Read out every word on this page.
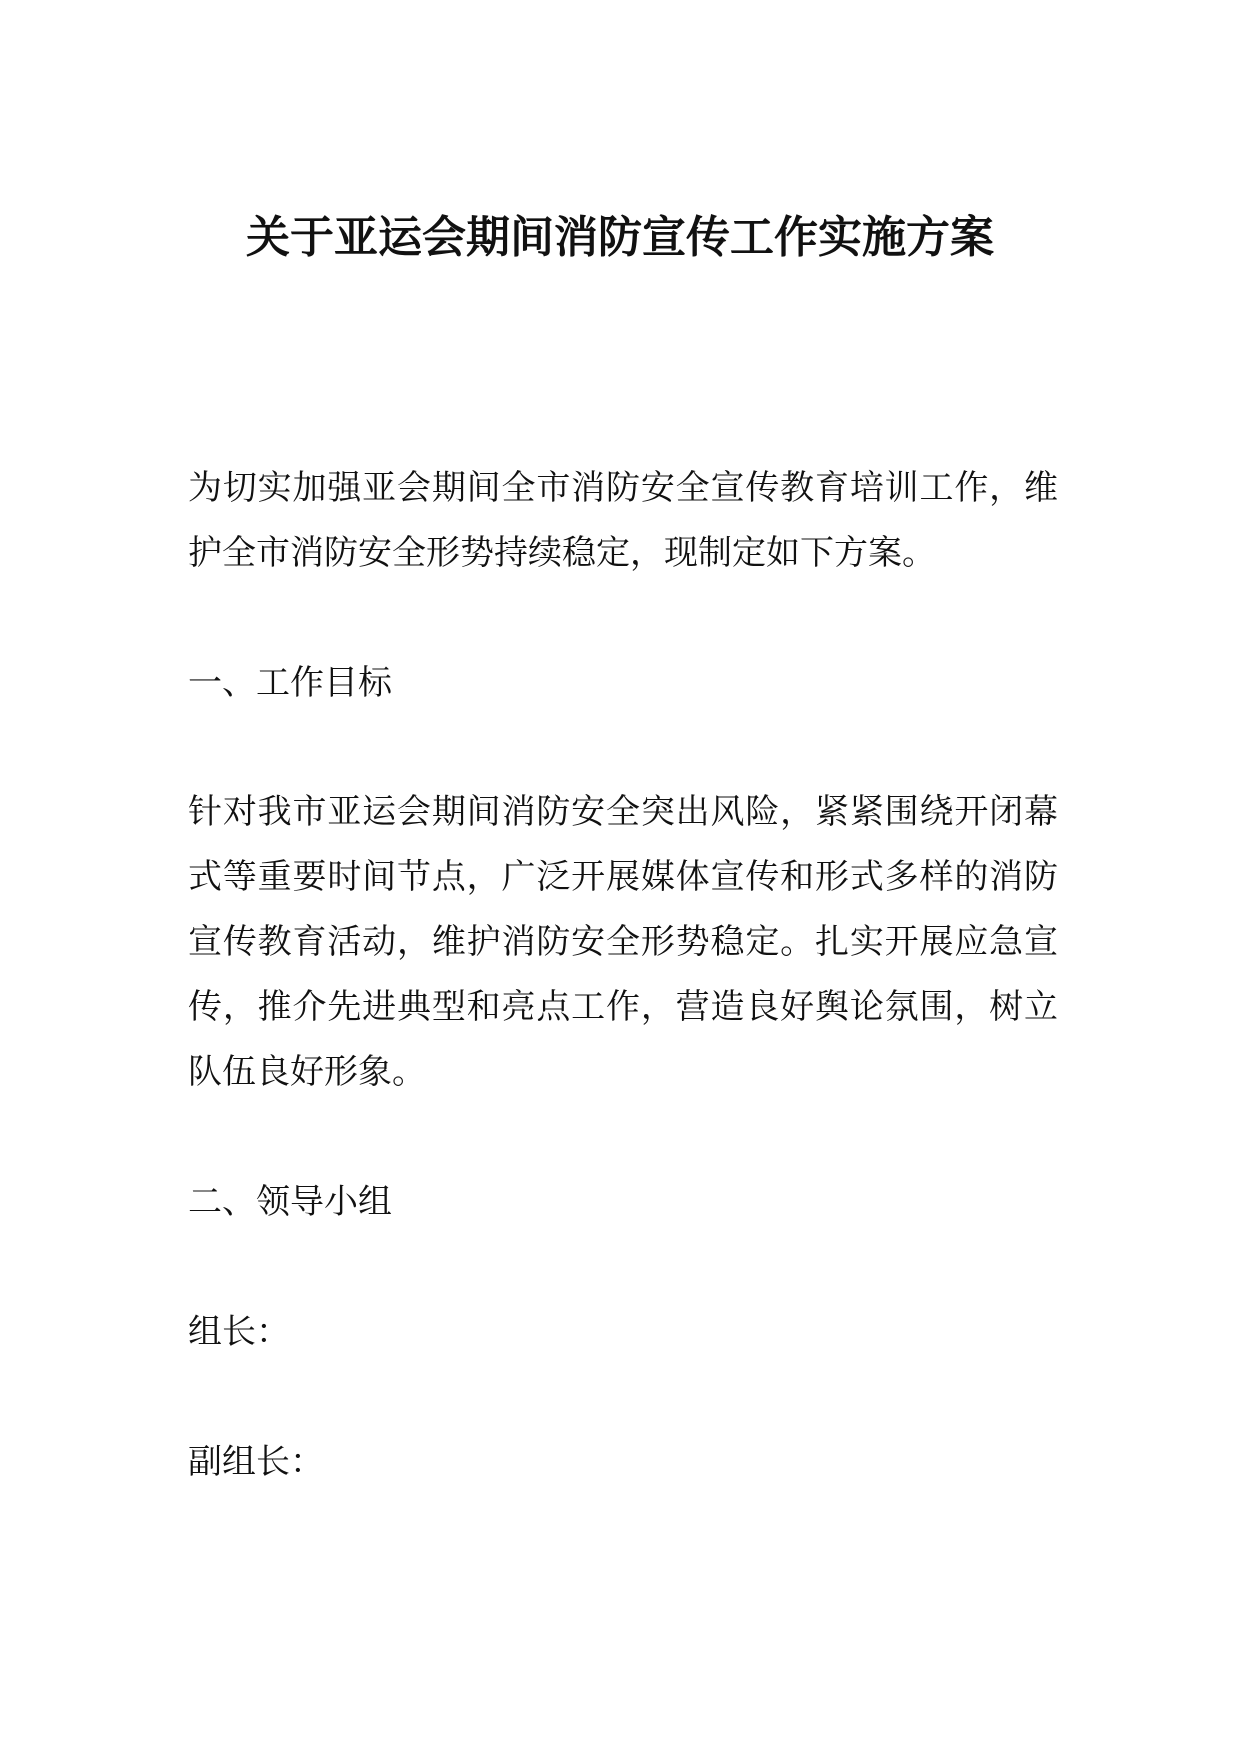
关于亚运会期间消防宣传工作实施方案

为切实加强亚会期间全市消防安全宣传教育培训工作，维护全市消防安全形势持续稳定，现制定如下方案。

一、工作目标

针对我市亚运会期间消防安全突出风险，紧紧围绕开闭幕式等重要时间节点，广泛开展媒体宣传和形式多样的消防宣传教育活动，维护消防安全形势稳定。扎实开展应急宣传，推介先进典型和亮点工作，营造良好舆论氛围，树立队伍良好形象。

二、领导小组

组长：

副组长：
